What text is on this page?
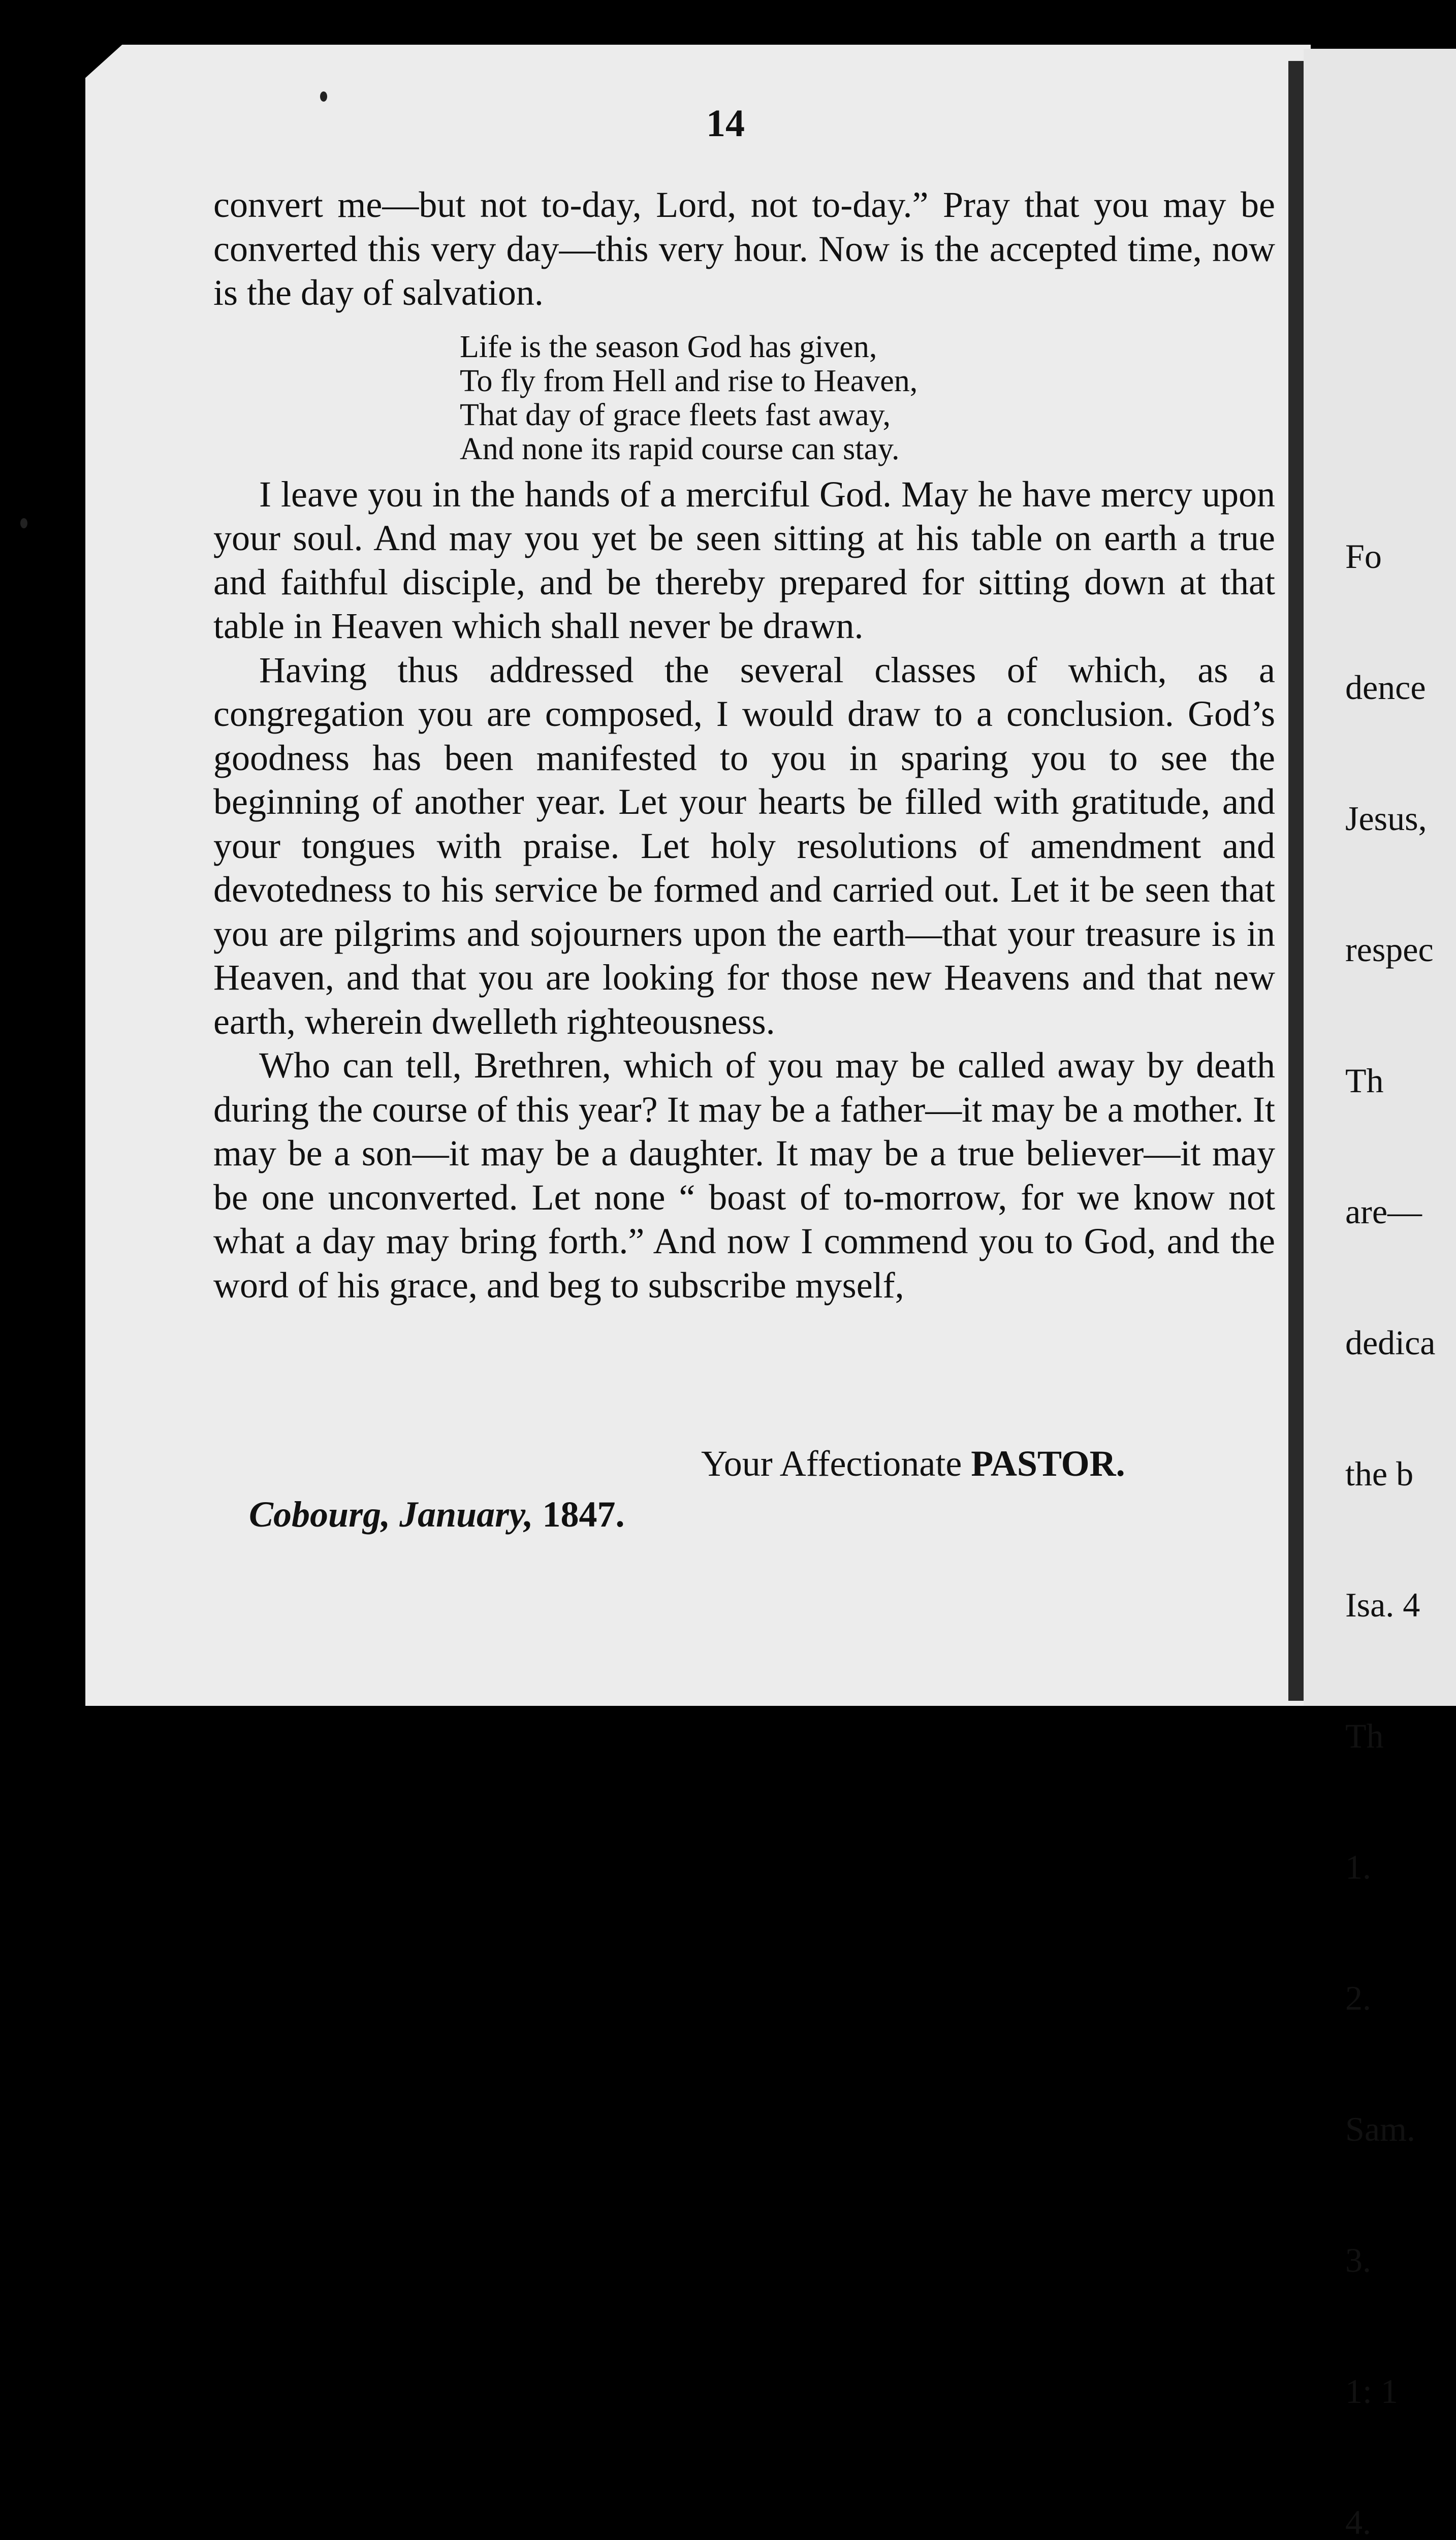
14

convert me—but not to-day, Lord, not to-day.” Pray that you may be converted this very day—this very hour. Now is the accepted time, now is the day of salvation.

I leave you in the hands of a merciful God. May he have mercy upon your soul. And may you yet be seen sitting at his table on earth a true and faithful disciple, and be thereby prepared for sitting down at that table in Heaven which shall never be drawn.

Having thus addressed the several classes of which, as a congregation you are composed, I would draw to a conclusion. God’s goodness has been manifested to you in sparing you to see the beginning of another year. Let your hearts be filled with gratitude, and your tongues with praise. Let holy resolutions of amendment and devotedness to his service be formed and carried out. Let it be seen that you are pilgrims and sojourners upon the earth—that your treasure is in Heaven, and that you are looking for those new Heavens and that new earth, wherein dwelleth righteousness.

Who can tell, Brethren, which of you may be called away by death during the course of this year? It may be a father—it may be a mother. It may be a son—it may be a daughter. It may be a true believer—it may be one unconverted. Let none “ boast of to-morrow, for we know not what a day may bring forth.” And now I commend you to God, and the word of his grace, and beg to subscribe myself,

Life is the season God has given,
To fly from Hell and rise to Heaven,
That day of grace fleets fast away,
And none its rapid course can stay.
Your Affectionate PASTOR.
Cobourg, January, 1847.

Fo

dence

Jesus,

respec

Th

are—

dedica

the b

Isa. 4

Th

1.

2.

Sam.

3.

1: 1

4.
